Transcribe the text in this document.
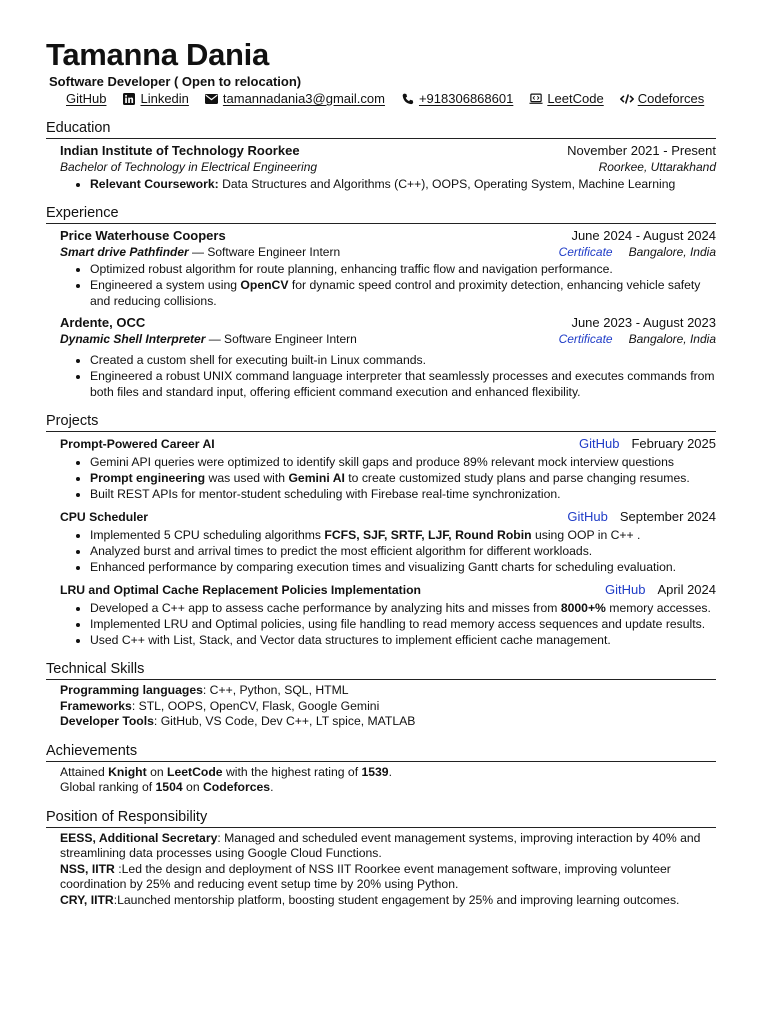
Tamanna Dania
Software Developer ( Open to relocation)
GitHub	Linkedin	tamannadania3@gmail.com	+918306868601	LeetCode	Codeforces
Education
Indian Institute of Technology Roorkee	November 2021 - Present
Bachelor of Technology in Electrical Engineering	Roorkee, Uttarakhand
• Relevant Coursework: Data Structures and Algorithms (C++), OOPS, Operating System, Machine Learning
Experience
Price Waterhouse Coopers	June 2024 - August 2024
Smart drive Pathfinder — Software Engineer Intern	Certificate Bangalore, India
• Optimized robust algorithm for route planning, enhancing traffic flow and navigation performance.
• Engineered a system using OpenCV for dynamic speed control and proximity detection, enhancing vehicle safety and reducing collisions.
Ardente, OCC	June 2023 - August 2023
Dynamic Shell Interpreter — Software Engineer Intern	Certificate Bangalore, India
• Created a custom shell for executing built-in Linux commands.
• Engineered a robust UNIX command language interpreter that seamlessly processes and executes commands from both files and standard input, offering efficient command execution and enhanced flexibility.
Projects
Prompt-Powered Career AI	GitHub February 2025
• Gemini API queries were optimized to identify skill gaps and produce 89% relevant mock interview questions
• Prompt engineering was used with Gemini AI to create customized study plans and parse changing resumes.
• Built REST APIs for mentor-student scheduling with Firebase real-time synchronization.
CPU Scheduler	GitHub September 2024
• Implemented 5 CPU scheduling algorithms FCFS, SJF, SRTF, LJF, Round Robin using OOP in C++ .
• Analyzed burst and arrival times to predict the most efficient algorithm for different workloads.
• Enhanced performance by comparing execution times and visualizing Gantt charts for scheduling evaluation.
LRU and Optimal Cache Replacement Policies Implementation	GitHub April 2024
• Developed a C++ app to assess cache performance by analyzing hits and misses from 8000+% memory accesses.
• Implemented LRU and Optimal policies, using file handling to read memory access sequences and update results.
• Used C++ with List, Stack, and Vector data structures to implement efficient cache management.
Technical Skills
Programming languages: C++, Python, SQL, HTML
Frameworks: STL, OOPS, OpenCV, Flask, Google Gemini
Developer Tools: GitHub, VS Code, Dev C++, LT spice, MATLAB
Achievements
Attained Knight on LeetCode with the highest rating of 1539.
Global ranking of 1504 on Codeforces.
Position of Responsibility
EESS, Additional Secretary: Managed and scheduled event management systems, improving interaction by 40% and streamlining data processes using Google Cloud Functions.
NSS, IITR :Led the design and deployment of NSS IIT Roorkee event management software, improving volunteer coordination by 25% and reducing event setup time by 20% using Python.
CRY, IITR:Launched mentorship platform, boosting student engagement by 25% and improving learning outcomes.
